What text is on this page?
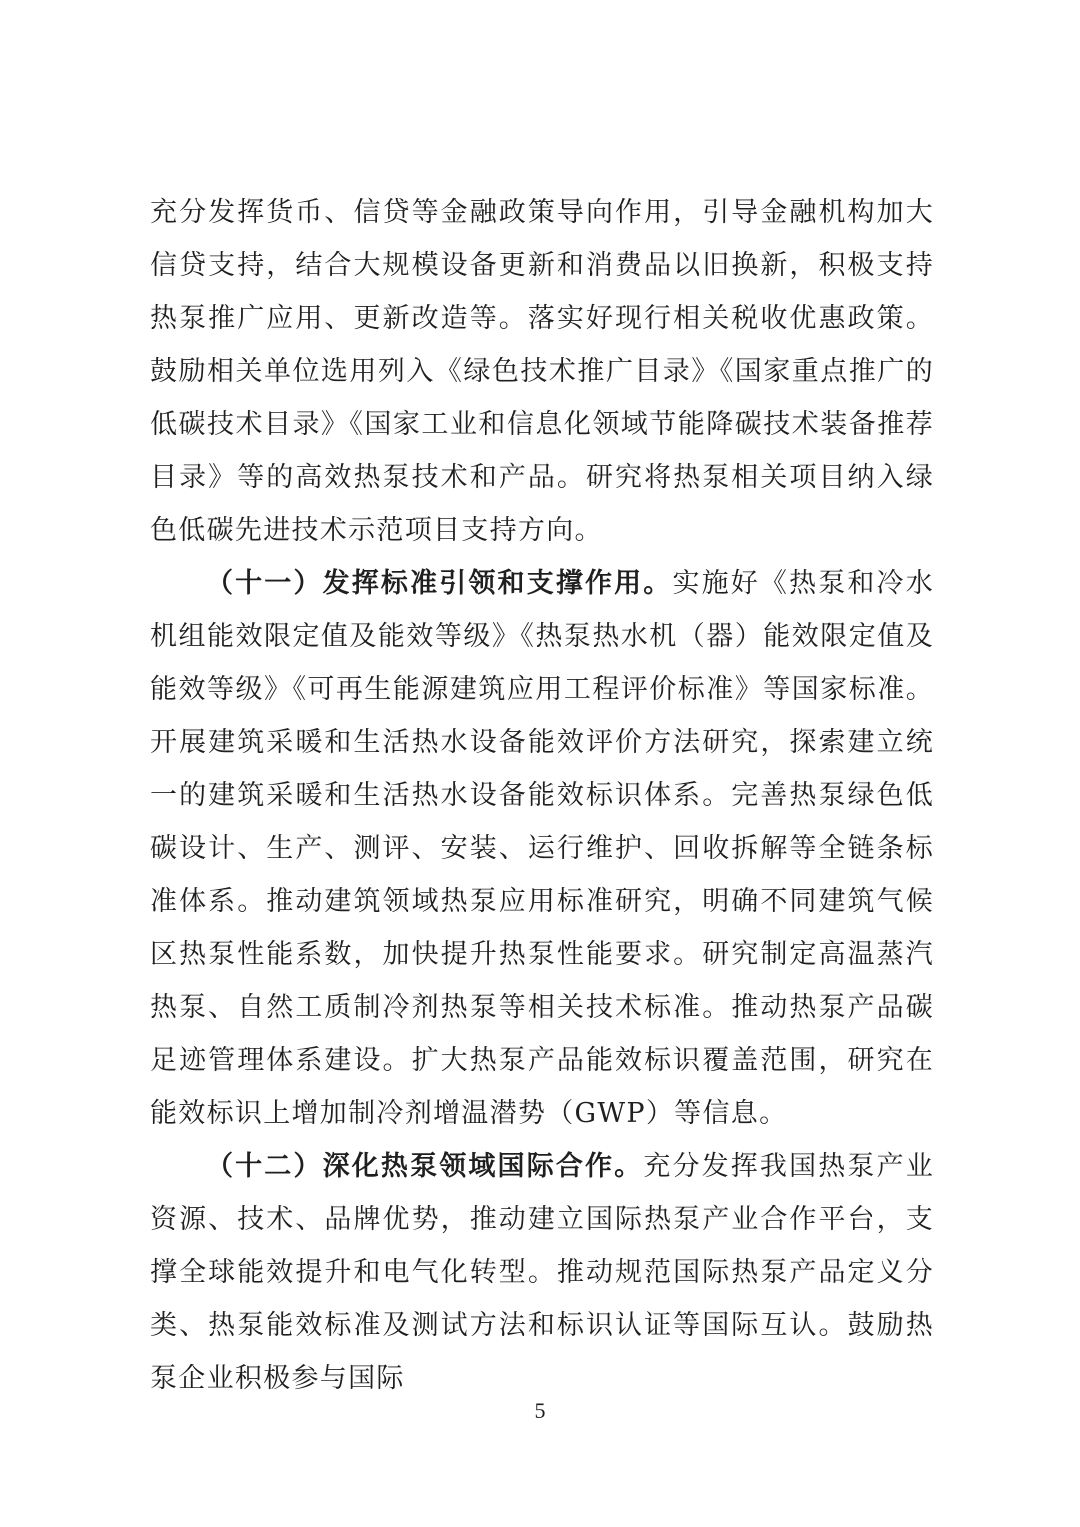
充分发挥货币、信贷等金融政策导向作用，引导金融机构加大信贷支持，结合大规模设备更新和消费品以旧换新，积极支持热泵推广应用、更新改造等。落实好现行相关税收优惠政策。鼓励相关单位选用列入《绿色技术推广目录》《国家重点推广的低碳技术目录》《国家工业和信息化领域节能降碳技术装备推荐目录》等的高效热泵技术和产品。研究将热泵相关项目纳入绿色低碳先进技术示范项目支持方向。

（十一）发挥标准引领和支撑作用。实施好《热泵和冷水机组能效限定值及能效等级》《热泵热水机（器）能效限定值及能效等级》《可再生能源建筑应用工程评价标准》等国家标准。开展建筑采暖和生活热水设备能效评价方法研究，探索建立统一的建筑采暖和生活热水设备能效标识体系。完善热泵绿色低碳设计、生产、测评、安装、运行维护、回收拆解等全链条标准体系。推动建筑领域热泵应用标准研究，明确不同建筑气候区热泵性能系数，加快提升热泵性能要求。研究制定高温蒸汽热泵、自然工质制冷剂热泵等相关技术标准。推动热泵产品碳足迹管理体系建设。扩大热泵产品能效标识覆盖范围，研究在能效标识上增加制冷剂增温潜势（GWP）等信息。

（十二）深化热泵领域国际合作。充分发挥我国热泵产业资源、技术、品牌优势，推动建立国际热泵产业合作平台，支撑全球能效提升和电气化转型。推动规范国际热泵产品定义分类、热泵能效标准及测试方法和标识认证等国际互认。鼓励热泵企业积极参与国际

5
